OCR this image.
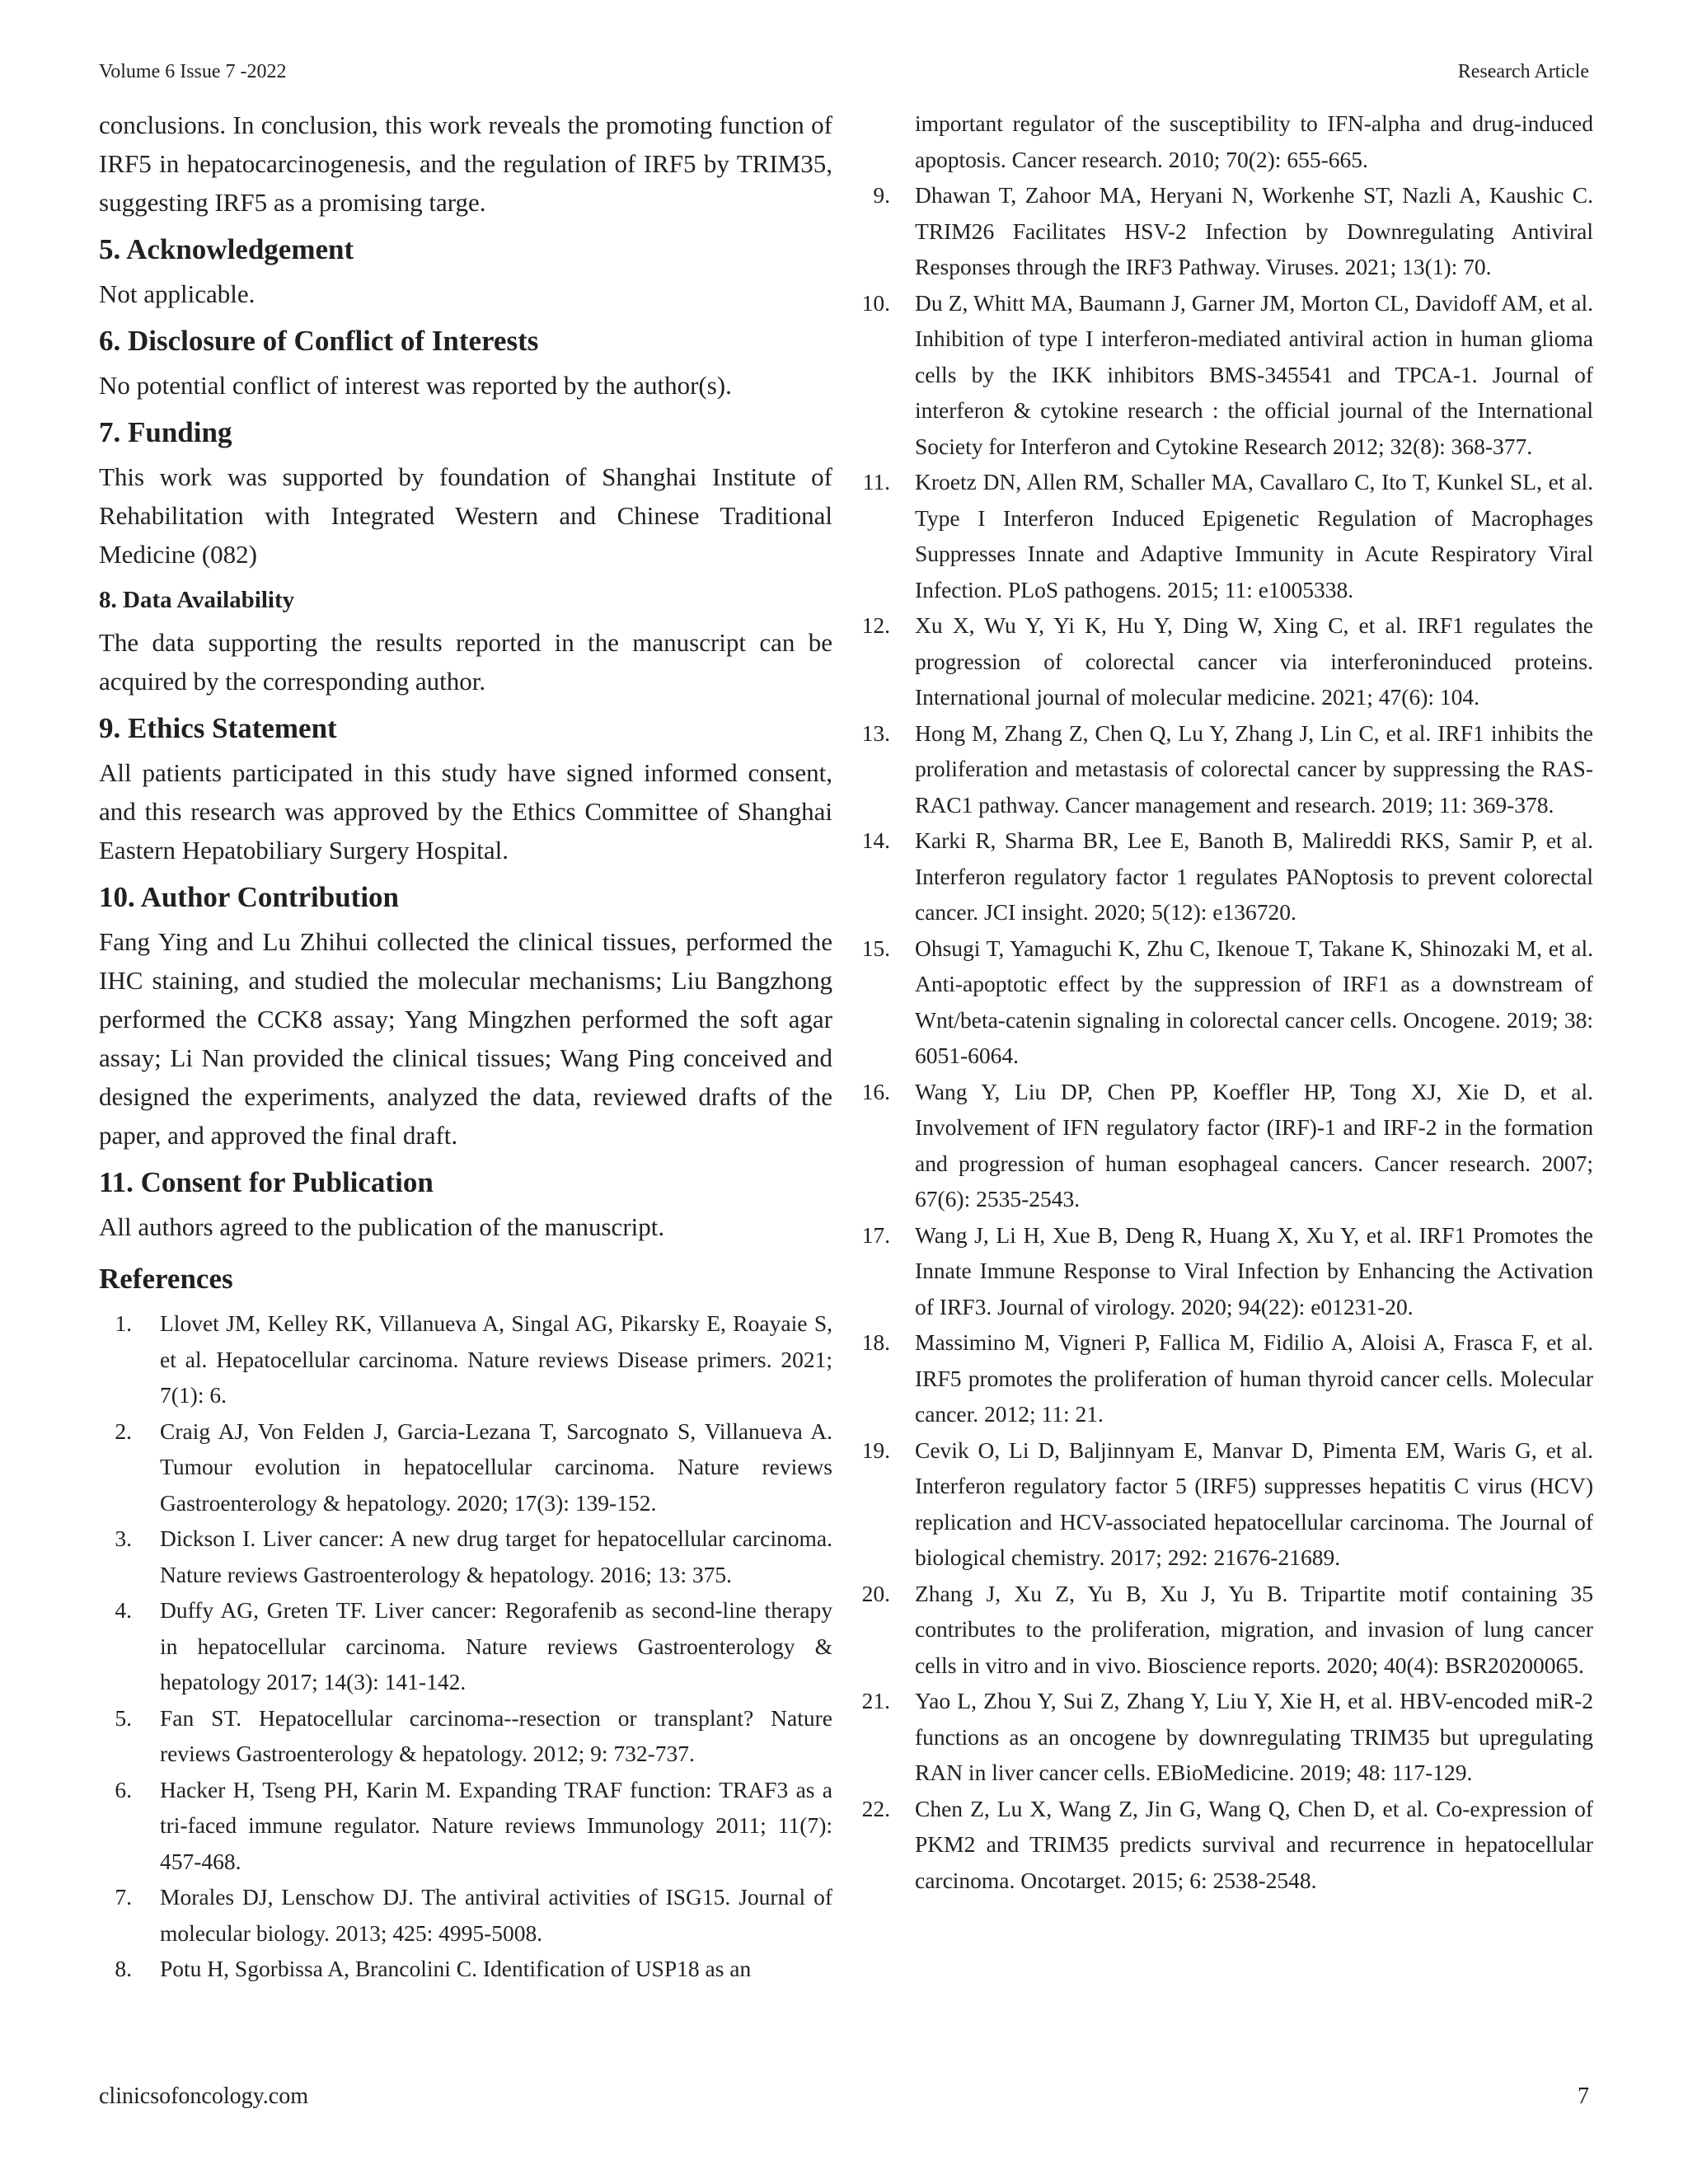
Volume 6 Issue 7 -2022	Research Article

conclusions. In conclusion, this work reveals the promoting function of IRF5 in hepatocarcinogenesis, and the regulation of IRF5 by TRIM35, suggesting IRF5 as a promising targe.

5. Acknowledgement

Not applicable.

6. Disclosure of Conflict of Interests

No potential conflict of interest was reported by the author(s).

7. Funding

This work was supported by foundation of Shanghai Institute of Rehabilitation with Integrated Western and Chinese Traditional Medicine (082)

8. Data Availability

The data supporting the results reported in the manuscript can be acquired by the corresponding author.

9. Ethics Statement

All patients participated in this study have signed informed consent, and this research was approved by the Ethics Committee of Shanghai Eastern Hepatobiliary Surgery Hospital.

10. Author Contribution

Fang Ying and Lu Zhihui collected the clinical tissues, performed the IHC staining, and studied the molecular mechanisms; Liu Bangzhong performed the CCK8 assay; Yang Mingzhen performed the soft agar assay; Li Nan provided the clinical tissues; Wang Ping conceived and designed the experiments, analyzed the data, reviewed drafts of the paper, and approved the final draft.

11. Consent for Publication

All authors agreed to the publication of the manuscript.

References
1. Llovet JM, Kelley RK, Villanueva A, Singal AG, Pikarsky E, Roayaie S, et al. Hepatocellular carcinoma. Nature reviews Disease primers. 2021; 7(1): 6.
2. Craig AJ, Von Felden J, Garcia-Lezana T, Sarcognato S, Villanueva A. Tumour evolution in hepatocellular carcinoma. Nature reviews Gastroenterology & hepatology. 2020; 17(3): 139-152.
3. Dickson I. Liver cancer: A new drug target for hepatocellular carcinoma. Nature reviews Gastroenterology & hepatology. 2016; 13: 375.
4. Duffy AG, Greten TF. Liver cancer: Regorafenib as second-line therapy in hepatocellular carcinoma. Nature reviews Gastroenterology & hepatology 2017; 14(3): 141-142.
5. Fan ST. Hepatocellular carcinoma--resection or transplant? Nature reviews Gastroenterology & hepatology. 2012; 9: 732-737.
6. Hacker H, Tseng PH, Karin M. Expanding TRAF function: TRAF3 as a tri-faced immune regulator. Nature reviews Immunology 2011; 11(7): 457-468.
7. Morales DJ, Lenschow DJ. The antiviral activities of ISG15. Journal of molecular biology. 2013; 425: 4995-5008.
8. Potu H, Sgorbissa A, Brancolini C. Identification of USP18 as an
important regulator of the susceptibility to IFN-alpha and drug-induced apoptosis. Cancer research. 2010; 70(2): 655-665.
9. Dhawan T, Zahoor MA, Heryani N, Workenhe ST, Nazli A, Kaushic C. TRIM26 Facilitates HSV-2 Infection by Downregulating Antiviral Responses through the IRF3 Pathway. Viruses. 2021; 13(1): 70.
10. Du Z, Whitt MA, Baumann J, Garner JM, Morton CL, Davidoff AM, et al. Inhibition of type I interferon-mediated antiviral action in human glioma cells by the IKK inhibitors BMS-345541 and TPCA-1. Journal of interferon & cytokine research : the official journal of the International Society for Interferon and Cytokine Research 2012; 32(8): 368-377.
11. Kroetz DN, Allen RM, Schaller MA, Cavallaro C, Ito T, Kunkel SL, et al. Type I Interferon Induced Epigenetic Regulation of Macrophages Suppresses Innate and Adaptive Immunity in Acute Respiratory Viral Infection. PLoS pathogens. 2015; 11: e1005338.
12. Xu X, Wu Y, Yi K, Hu Y, Ding W, Xing C, et al. IRF1 regulates the progression of colorectal cancer via interferoninduced proteins. International journal of molecular medicine. 2021; 47(6): 104.
13. Hong M, Zhang Z, Chen Q, Lu Y, Zhang J, Lin C, et al. IRF1 inhibits the proliferation and metastasis of colorectal cancer by suppressing the RAS-RAC1 pathway. Cancer management and research. 2019; 11: 369-378.
14. Karki R, Sharma BR, Lee E, Banoth B, Malireddi RKS, Samir P, et al. Interferon regulatory factor 1 regulates PANoptosis to prevent colorectal cancer. JCI insight. 2020; 5(12): e136720.
15. Ohsugi T, Yamaguchi K, Zhu C, Ikenoue T, Takane K, Shinozaki M, et al. Anti-apoptotic effect by the suppression of IRF1 as a downstream of Wnt/beta-catenin signaling in colorectal cancer cells. Oncogene. 2019; 38: 6051-6064.
16. Wang Y, Liu DP, Chen PP, Koeffler HP, Tong XJ, Xie D, et al. Involvement of IFN regulatory factor (IRF)-1 and IRF-2 in the formation and progression of human esophageal cancers. Cancer research. 2007; 67(6): 2535-2543.
17. Wang J, Li H, Xue B, Deng R, Huang X, Xu Y, et al. IRF1 Promotes the Innate Immune Response to Viral Infection by Enhancing the Activation of IRF3. Journal of virology. 2020; 94(22): e01231-20.
18. Massimino M, Vigneri P, Fallica M, Fidilio A, Aloisi A, Frasca F, et al. IRF5 promotes the proliferation of human thyroid cancer cells. Molecular cancer. 2012; 11: 21.
19. Cevik O, Li D, Baljinnyam E, Manvar D, Pimenta EM, Waris G, et al. Interferon regulatory factor 5 (IRF5) suppresses hepatitis C virus (HCV) replication and HCV-associated hepatocellular carcinoma. The Journal of biological chemistry. 2017; 292: 21676-21689.
20. Zhang J, Xu Z, Yu B, Xu J, Yu B. Tripartite motif containing 35 contributes to the proliferation, migration, and invasion of lung cancer cells in vitro and in vivo. Bioscience reports. 2020; 40(4): BSR20200065.
21. Yao L, Zhou Y, Sui Z, Zhang Y, Liu Y, Xie H, et al. HBV-encoded miR-2 functions as an oncogene by downregulating TRIM35 but upregulating RAN in liver cancer cells. EBioMedicine. 2019; 48: 117-129.
22. Chen Z, Lu X, Wang Z, Jin G, Wang Q, Chen D, et al. Co-expression of PKM2 and TRIM35 predicts survival and recurrence in hepatocellular carcinoma. Oncotarget. 2015; 6: 2538-2548.
clinicsofoncology.com	7
